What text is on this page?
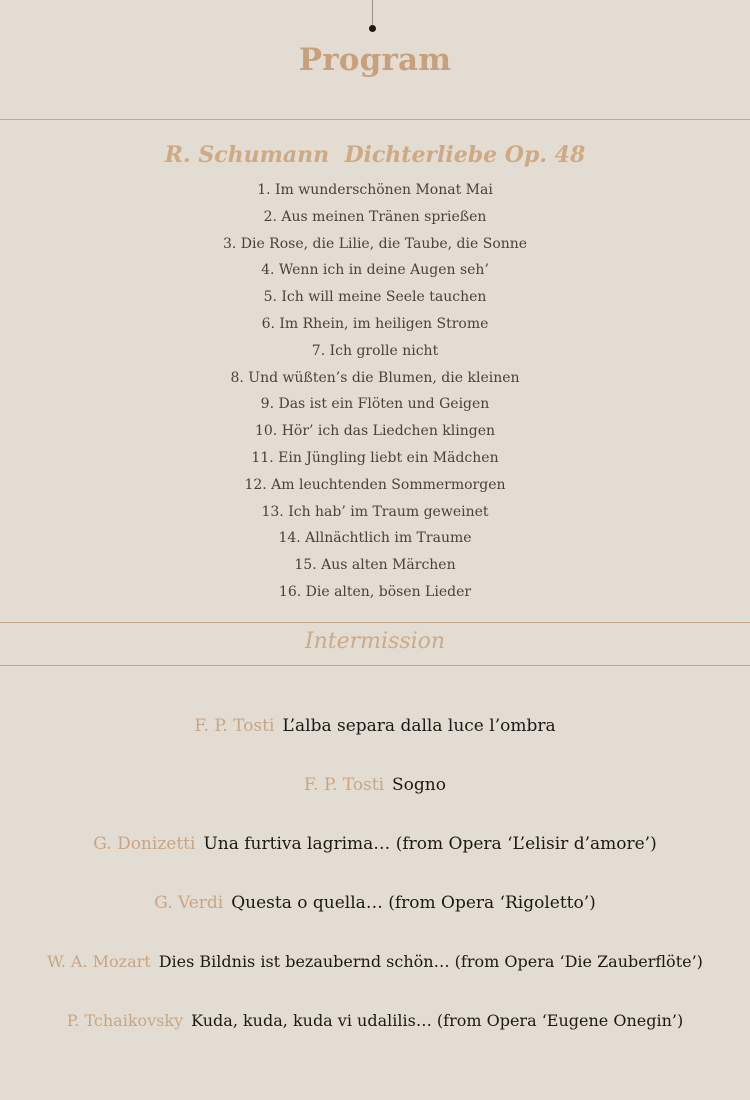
Program
R. Schumann  Dichterliebe Op. 48
1. Im wunderschönen Monat Mai
2. Aus meinen Tränen sprießen
3. Die Rose, die Lilie, die Taube, die Sonne
4. Wenn ich in deine Augen seh’
5. Ich will meine Seele tauchen
6. Im Rhein, im heiligen Strome
7. Ich grolle nicht
8. Und wüßten’s die Blumen, die kleinen
9. Das ist ein Flöten und Geigen
10. Hör’ ich das Liedchen klingen
11. Ein Jüngling liebt ein Mädchen
12. Am leuchtenden Sommermorgen
13. Ich hab’ im Traum geweinet
14. Allnächtlich im Traume
15. Aus alten Märchen
16. Die alten, bösen Lieder
Intermission
F. P. Tosti L’alba separa dalla luce l’ombra
F. P. Tosti Sogno
G. Donizetti Una furtiva lagrima… (from Opera ‘L’elisir d’amore’)
G. Verdi Questa o quella… (from Opera ‘Rigoletto’)
W. A. Mozart Dies Bildnis ist bezaubernd schön… (from Opera ‘Die Zauberflöte’)
P. Tchaikovsky Kuda, kuda, kuda vi udalilis… (from Opera ‘Eugene Onegin’)
